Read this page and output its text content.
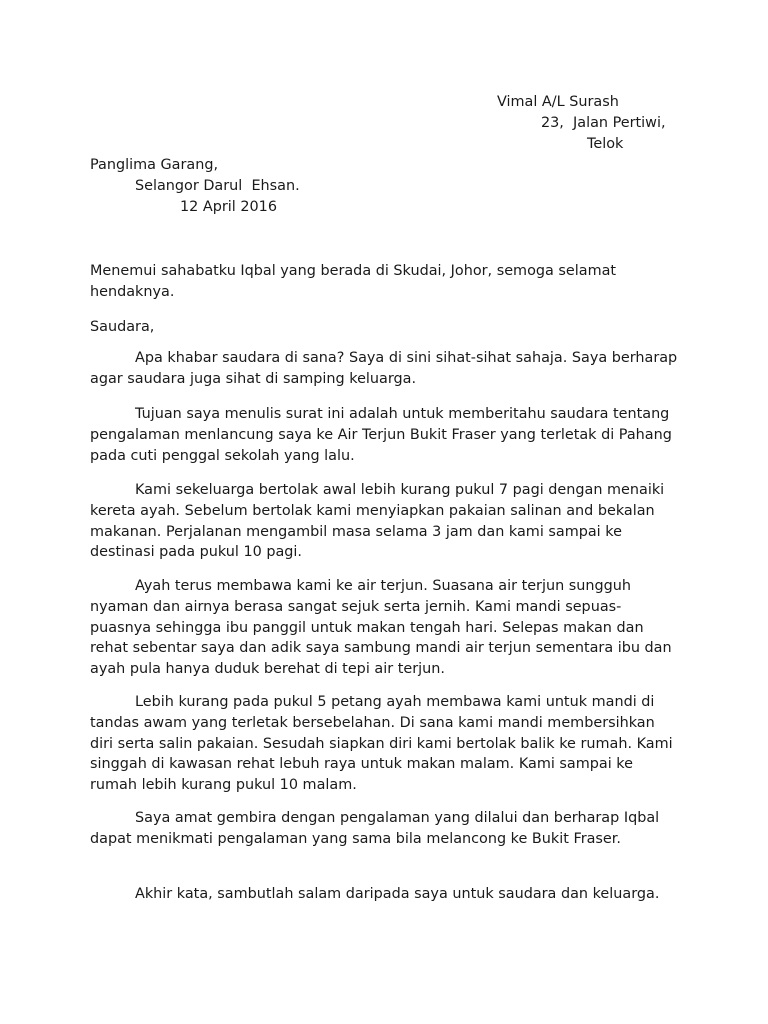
Vimal A/L Surash
23,  Jalan Pertiwi,
Telok
Panglima Garang,
Selangor Darul  Ehsan.
12 April 2016

Menemui sahabatku Iqbal yang berada di Skudai, Johor, semoga selamat hendaknya.

Saudara,

Apa khabar saudara di sana? Saya di sini sihat-sihat sahaja. Saya berharap agar saudara juga sihat di samping keluarga.

Tujuan saya menulis surat ini adalah untuk memberitahu saudara tentang pengalaman menlancung saya ke Air Terjun Bukit Fraser yang terletak di Pahang pada cuti penggal sekolah yang lalu.

Kami sekeluarga bertolak awal lebih kurang pukul 7 pagi dengan menaiki kereta ayah. Sebelum bertolak kami menyiapkan pakaian salinan and bekalan makanan. Perjalanan mengambil masa selama 3 jam dan kami sampai ke destinasi pada pukul 10 pagi.

Ayah terus membawa kami ke air terjun. Suasana air terjun sungguh nyaman dan airnya berasa sangat sejuk serta jernih. Kami mandi sepuas-puasnya sehingga ibu panggil untuk makan tengah hari. Selepas makan dan rehat sebentar saya dan adik saya sambung mandi air terjun sementara ibu dan ayah pula hanya duduk berehat di tepi air terjun.

Lebih kurang pada pukul 5 petang ayah membawa kami untuk mandi di tandas awam yang terletak bersebelahan. Di sana kami mandi membersihkan diri serta salin pakaian. Sesudah siapkan diri kami bertolak balik ke rumah. Kami singgah di kawasan rehat lebuh raya untuk makan malam. Kami sampai ke rumah lebih kurang pukul 10 malam.

Saya amat gembira dengan pengalaman yang dilalui dan berharap Iqbal dapat menikmati pengalaman yang sama bila melancong ke Bukit Fraser.

Akhir kata, sambutlah salam daripada saya untuk saudara dan keluarga.
